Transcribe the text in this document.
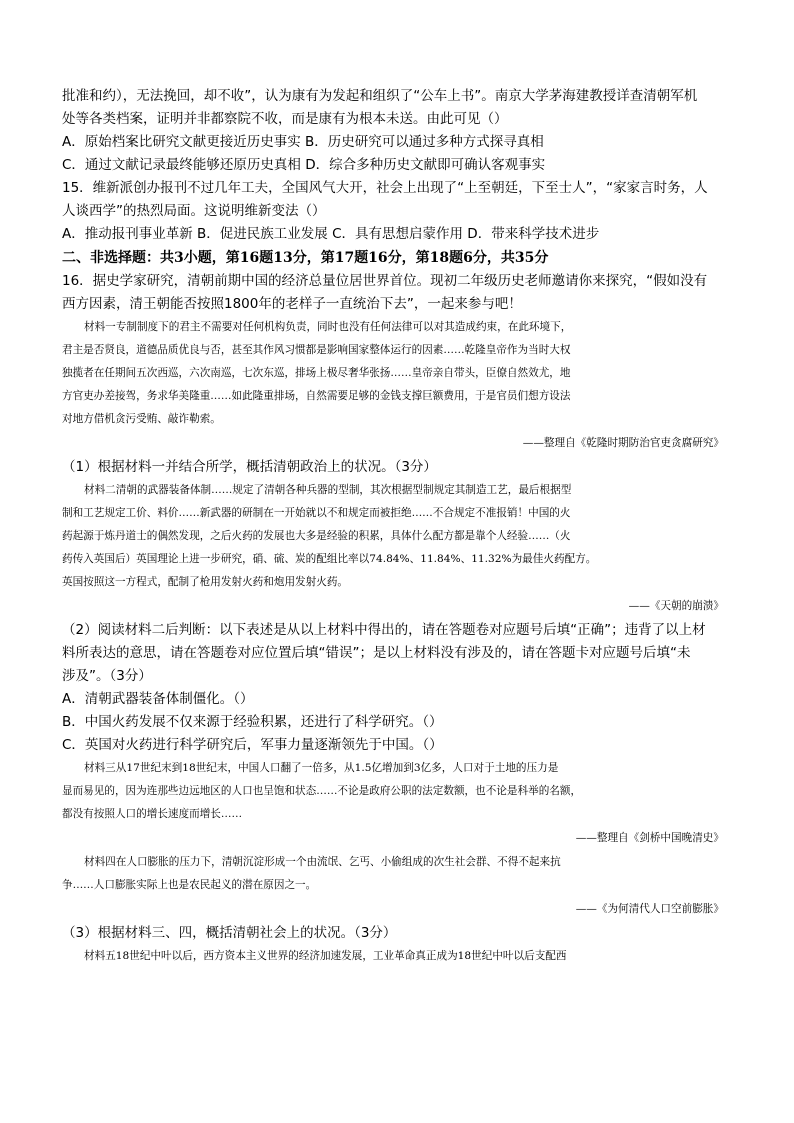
批准和约），无法挽回，却不收”，认为康有为发起和组织了“公车上书”。南京大学茅海建教授详查清朝军机
处等各类档案，证明并非都察院不收，而是康有为根本未送。由此可见（）
A．原始档案比研究文献更接近历史事实 B．历史研究可以通过多种方式探寻真相
C．通过文献记录最终能够还原历史真相 D．综合多种历史文献即可确认客观事实
15．维新派创办报刊不过几年工夫，全国风气大开，社会上出现了“上至朝廷，下至士人”，“家家言时务，人
人谈西学”的热烈局面。这说明维新变法（）
A．推动报刊事业革新 B．促进民族工业发展 C．具有思想启蒙作用 D．带来科学技术进步
二、非选择题：共3小题，第16题13分，第17题16分，第18题6分，共35分
16．据史学家研究，清朝前期中国的经济总量位居世界首位。现初二年级历史老师邀请你来探究，“假如没有
西方因素，清王朝能否按照1800年的老样子一直统治下去”，一起来参与吧！
材料一专制制度下的君主不需要对任何机构负责，同时也没有任何法律可以对其造成约束，在此环境下，
君主是否贤良，道德品质优良与否，甚至其作风习惯都是影响国家整体运行的因素……乾隆皇帝作为当时大权
独揽者在任期间五次西巡，六次南巡，七次东巡，排场上极尽奢华张扬……皇帝亲自带头，臣僚自然效尤，地
方官吏办差接驾，务求华美隆重……如此隆重排场，自然需要足够的金钱支撑巨额费用，于是官员们想方设法
对地方借机贪污受贿、敲诈勒索。
——整理自《乾隆时期防治官吏贪腐研究》
（1）根据材料一并结合所学，概括清朝政治上的状况。（3分）
材料二清朝的武器装备体制……规定了清朝各种兵器的型制，其次根据型制规定其制造工艺，最后根据型
制和工艺规定工价、料价……新武器的研制在一开始就以不和规定而被拒绝……不合规定不准报销！中国的火
药起源于炼丹道士的偶然发现，之后火药的发展也大多是经验的积累，具体什么配方都是靠个人经验……（火
药传入英国后）英国理论上进一步研究，硝、硫、炭的配组比率以74.84%、11.84%、11.32%为最佳火药配方。
英国按照这一方程式，配制了枪用发射火药和炮用发射火药。
——《天朝的崩溃》
（2）阅读材料二后判断：以下表述是从以上材料中得出的，请在答题卷对应题号后填“正确”；违背了以上材
料所表达的意思，请在答题卷对应位置后填“错误”；是以上材料没有涉及的，请在答题卡对应题号后填“未
涉及”。（3分）
A．清朝武器装备体制僵化。（）
B．中国火药发展不仅来源于经验积累，还进行了科学研究。（）
C．英国对火药进行科学研究后，军事力量逐渐领先于中国。（）
材料三从17世纪末到18世纪末，中国人口翻了一倍多，从1.5亿增加到3亿多，人口对于土地的压力是
显而易见的，因为连那些边远地区的人口也呈饱和状态……不论是政府公职的法定数额，也不论是科举的名额，
都没有按照人口的增长速度而增长……
——整理自《剑桥中国晚清史》
材料四在人口膨胀的压力下，清朝沉淀形成一个由流氓、乞丐、小偷组成的次生社会群、不得不起来抗
争……人口膨胀实际上也是农民起义的潜在原因之一。
——《为何清代人口空前膨胀》
（3）根据材料三、四，概括清朝社会上的状况。（3分）
材料五18世纪中叶以后，西方资本主义世界的经济加速发展，工业革命真正成为18世纪中叶以后支配西
